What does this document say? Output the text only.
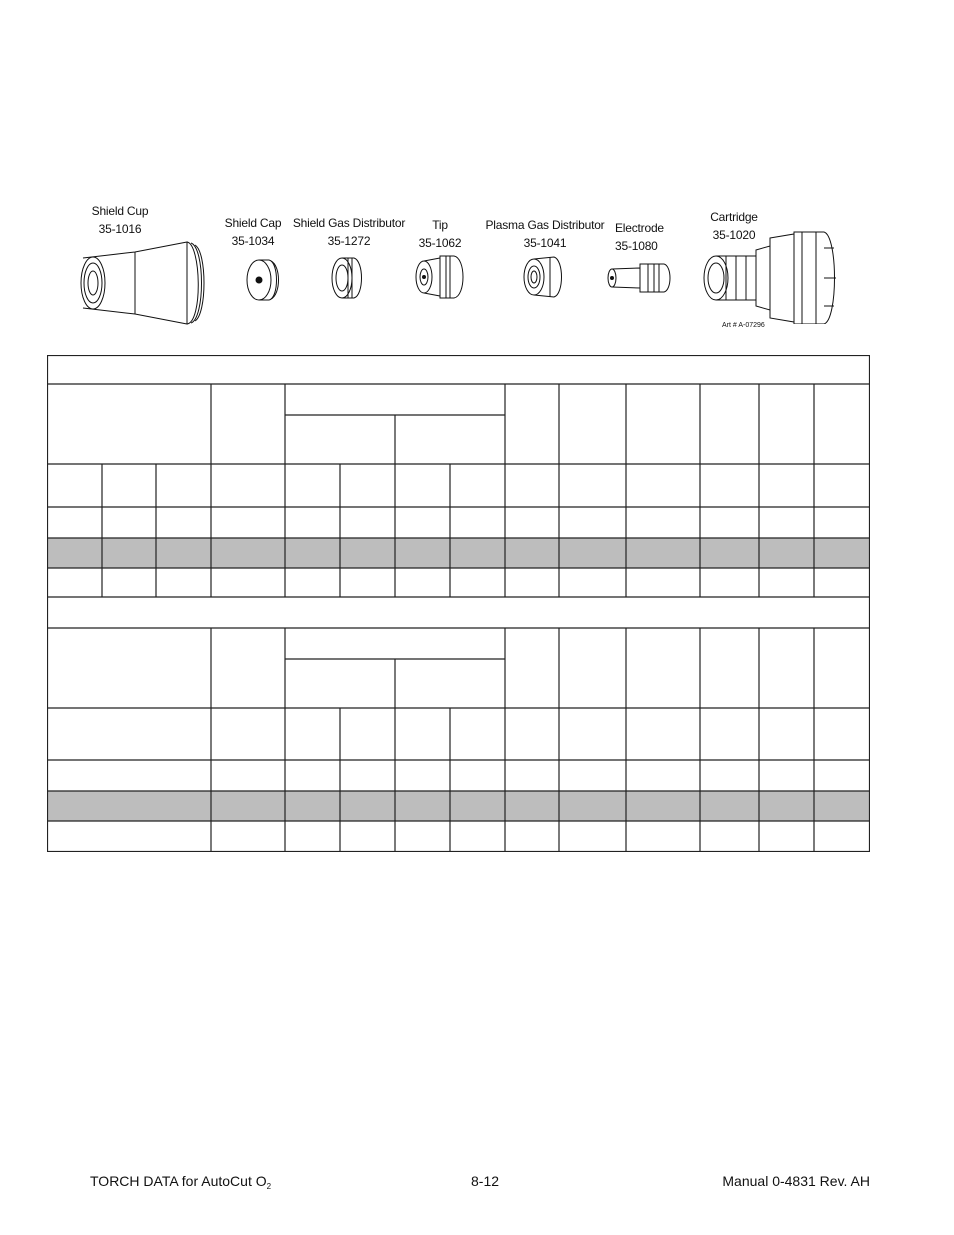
Shield Cup
35-1016	Shield Cap
35-1034
Shield Gas Distributor
35-1272
Tip
35-1062
Plasma Gas Distributor
35-1041
Electrode
35-1080
Cartridge
35-1020
Art # A-07296
TORCH DATA for AutoCut $O_2$	8-12	Manual 0-4831 Rev. AH
